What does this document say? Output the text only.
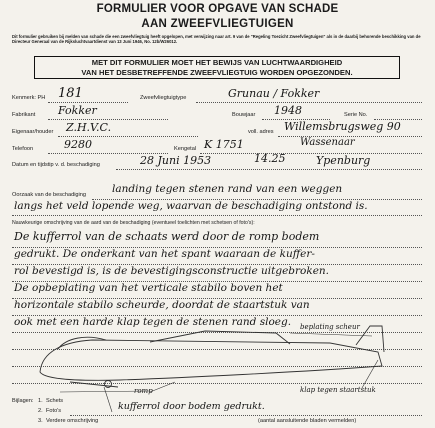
FORMULIER VOOR OPGAVE VAN SCHADE
AAN ZWEEFVLIEGTUIGEN
Dit formulier gebruiken bij melden van schade die een zweefvliegtuig heeft opgelopen, met verwijzing naar art. 9 van de "Regeling Toezicht Zweefvliegtuigen" als in de daarbij behorende beschikking van de Directeur Generaal van de Rijksluchtvaartdienst van 13 Juni 1946, No. 12b/W26012.
MET DIT FORMULIER MOET HET BEWIJS VAN LUCHTWAARDIGHEID
VAN HET DESBETREFFENDE ZWEEFVLIEGTUIG WORDEN OPGEZONDEN.
Kenmerk: PH 181	Zweefvliegtuigtype	Grunau / Fokker
Fabrikant Fokker	Bouwjaar 1948	Serie No.
Eigenaar/houder Z.H.V.C.	voll. adres Willemsbrugsweg 90
Wassenaar
Telefoon	9280	Kengetal K 1751
Datum en tijdstip v. d. beschadiging	28 Juni 1953	14.25	Ypenburg
Oorzaak van de beschadiging landing tegen stenen rand van een weggen
langs het veld lopende weg, waarvan de beschadiging ontstond is.
Nauwkeurige omschrijving van de aard van de beschadiging (eventueel toelichten met schetsen of foto's):
De kufferrol van de schaats werd door de romp bodem
gedrukt. De onderkant van het spant waaraan de kuffer-
rol bevestigd is, is de bevestigingsconstructie uitgebroken.
De opbeplating van het verticale stabilo boven het
horizontale stabilo scheurde, doordat de staartstuk van
ook met een harde klap tegen de stenen rand sloeg. beplating scheur
romp	klap tegen staartstuk
Bijlagen: 1. Schets
2. Foto's	kufferrol door bodem gedrukt.
3. Verdere omschrijving	(aantal aansluitende bladen vermelden)
